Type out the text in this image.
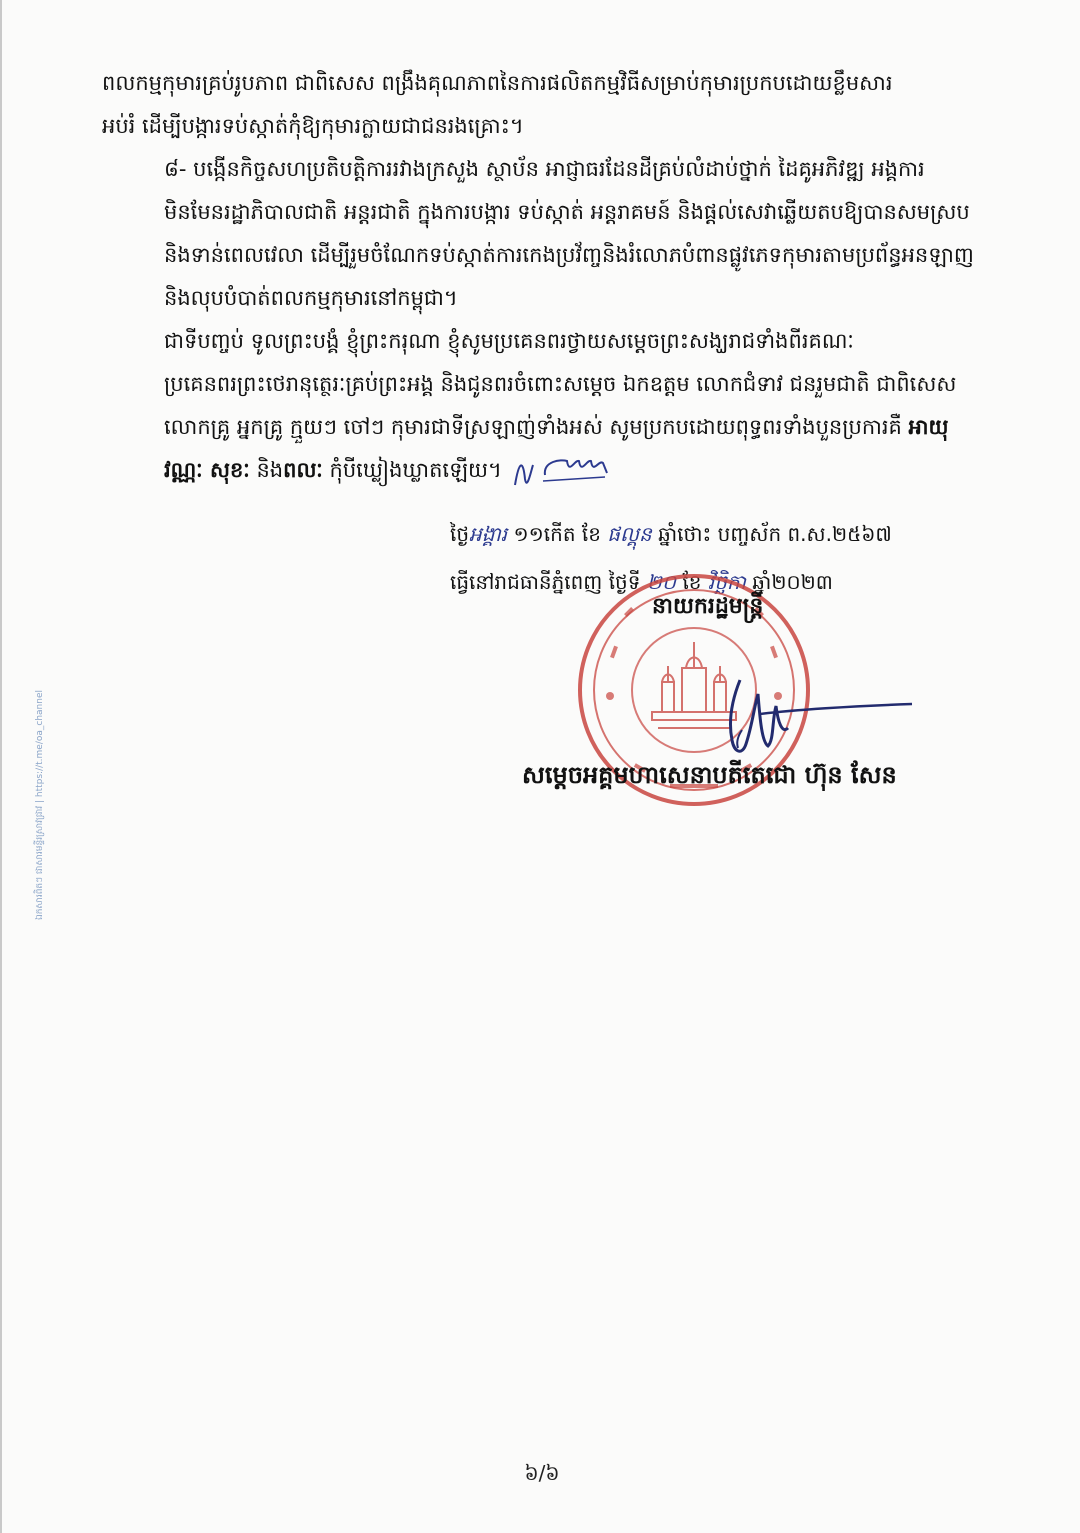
ឯកសារពិតៗ ជាសារមន្ទីរស្រាវជ្រាវ | https://t.me/oa_channel

ពលកម្មកុមារគ្រប់រូបភាព ជាពិសេស ពង្រឹងគុណភាពនៃការផលិតកម្មវិធីសម្រាប់កុមារប្រកបដោយខ្លឹមសារ
អប់រំ ដើម្បីបង្ការទប់ស្កាត់កុំឱ្យកុមារក្លាយជាជនរងគ្រោះ។

៨- បង្កើនកិច្ចសហប្រតិបត្តិការរវាងក្រសួង ស្ថាប័ន អាជ្ញាធរដែនដីគ្រប់លំដាប់ថ្នាក់ ដៃគូអភិវឌ្ឍ អង្គការ
មិនមែនរដ្ឋាភិបាលជាតិ អន្តរជាតិ ក្នុងការបង្ការ ទប់ស្កាត់ អន្តរាគមន៍ និងផ្តល់សេវាឆ្លើយតបឱ្យបានសមស្រប
និងទាន់ពេលវេលា ដើម្បីរួមចំណែកទប់ស្កាត់ការកេងប្រវ័ញ្ចនិងរំលោភបំពានផ្លូវភេទកុមារតាមប្រព័ន្ធអនឡាញ
និងលុបបំបាត់ពលកម្មកុមារនៅកម្ពុជា។

ជាទីបញ្ចប់ ទូលព្រះបង្គំ ខ្ញុំព្រះករុណា ខ្ញុំសូមប្រគេនពរថ្វាយសម្តេចព្រះសង្ឃរាជទាំងពីរគណៈ
ប្រគេនពរព្រះថេរានុត្ថេរៈគ្រប់ព្រះអង្គ និងជូនពរចំពោះសម្តេច ឯកឧត្តម លោកជំទាវ ជនរួមជាតិ ជាពិសេស
លោកគ្រូ អ្នកគ្រូ ក្មួយៗ ចៅៗ កុមារជាទីស្រឡាញ់ទាំងអស់ សូមប្រកបដោយពុទ្ធពរទាំងបួនប្រការគឺ អាយុ
វណ្ណៈ សុខៈ និងពលៈ កុំបីឃ្លៀងឃ្លាតឡើយ។

ថ្ងៃអង្គារ ១១កើត ខែ ផល្គុន ឆ្នាំថោះ បញ្ចស័ក ព.ស.២៥៦៧
ធ្វើនៅរាជធានីភ្នំពេញ ថ្ងៃទី ២០ ខែ វិច្ឆិកា ឆ្នាំ២០២៣
នាយករដ្ឋមន្ត្រី
សម្តេចអគ្គមហាសេនាបតីតេជោ ហ៊ុន សែន
៦/៦
